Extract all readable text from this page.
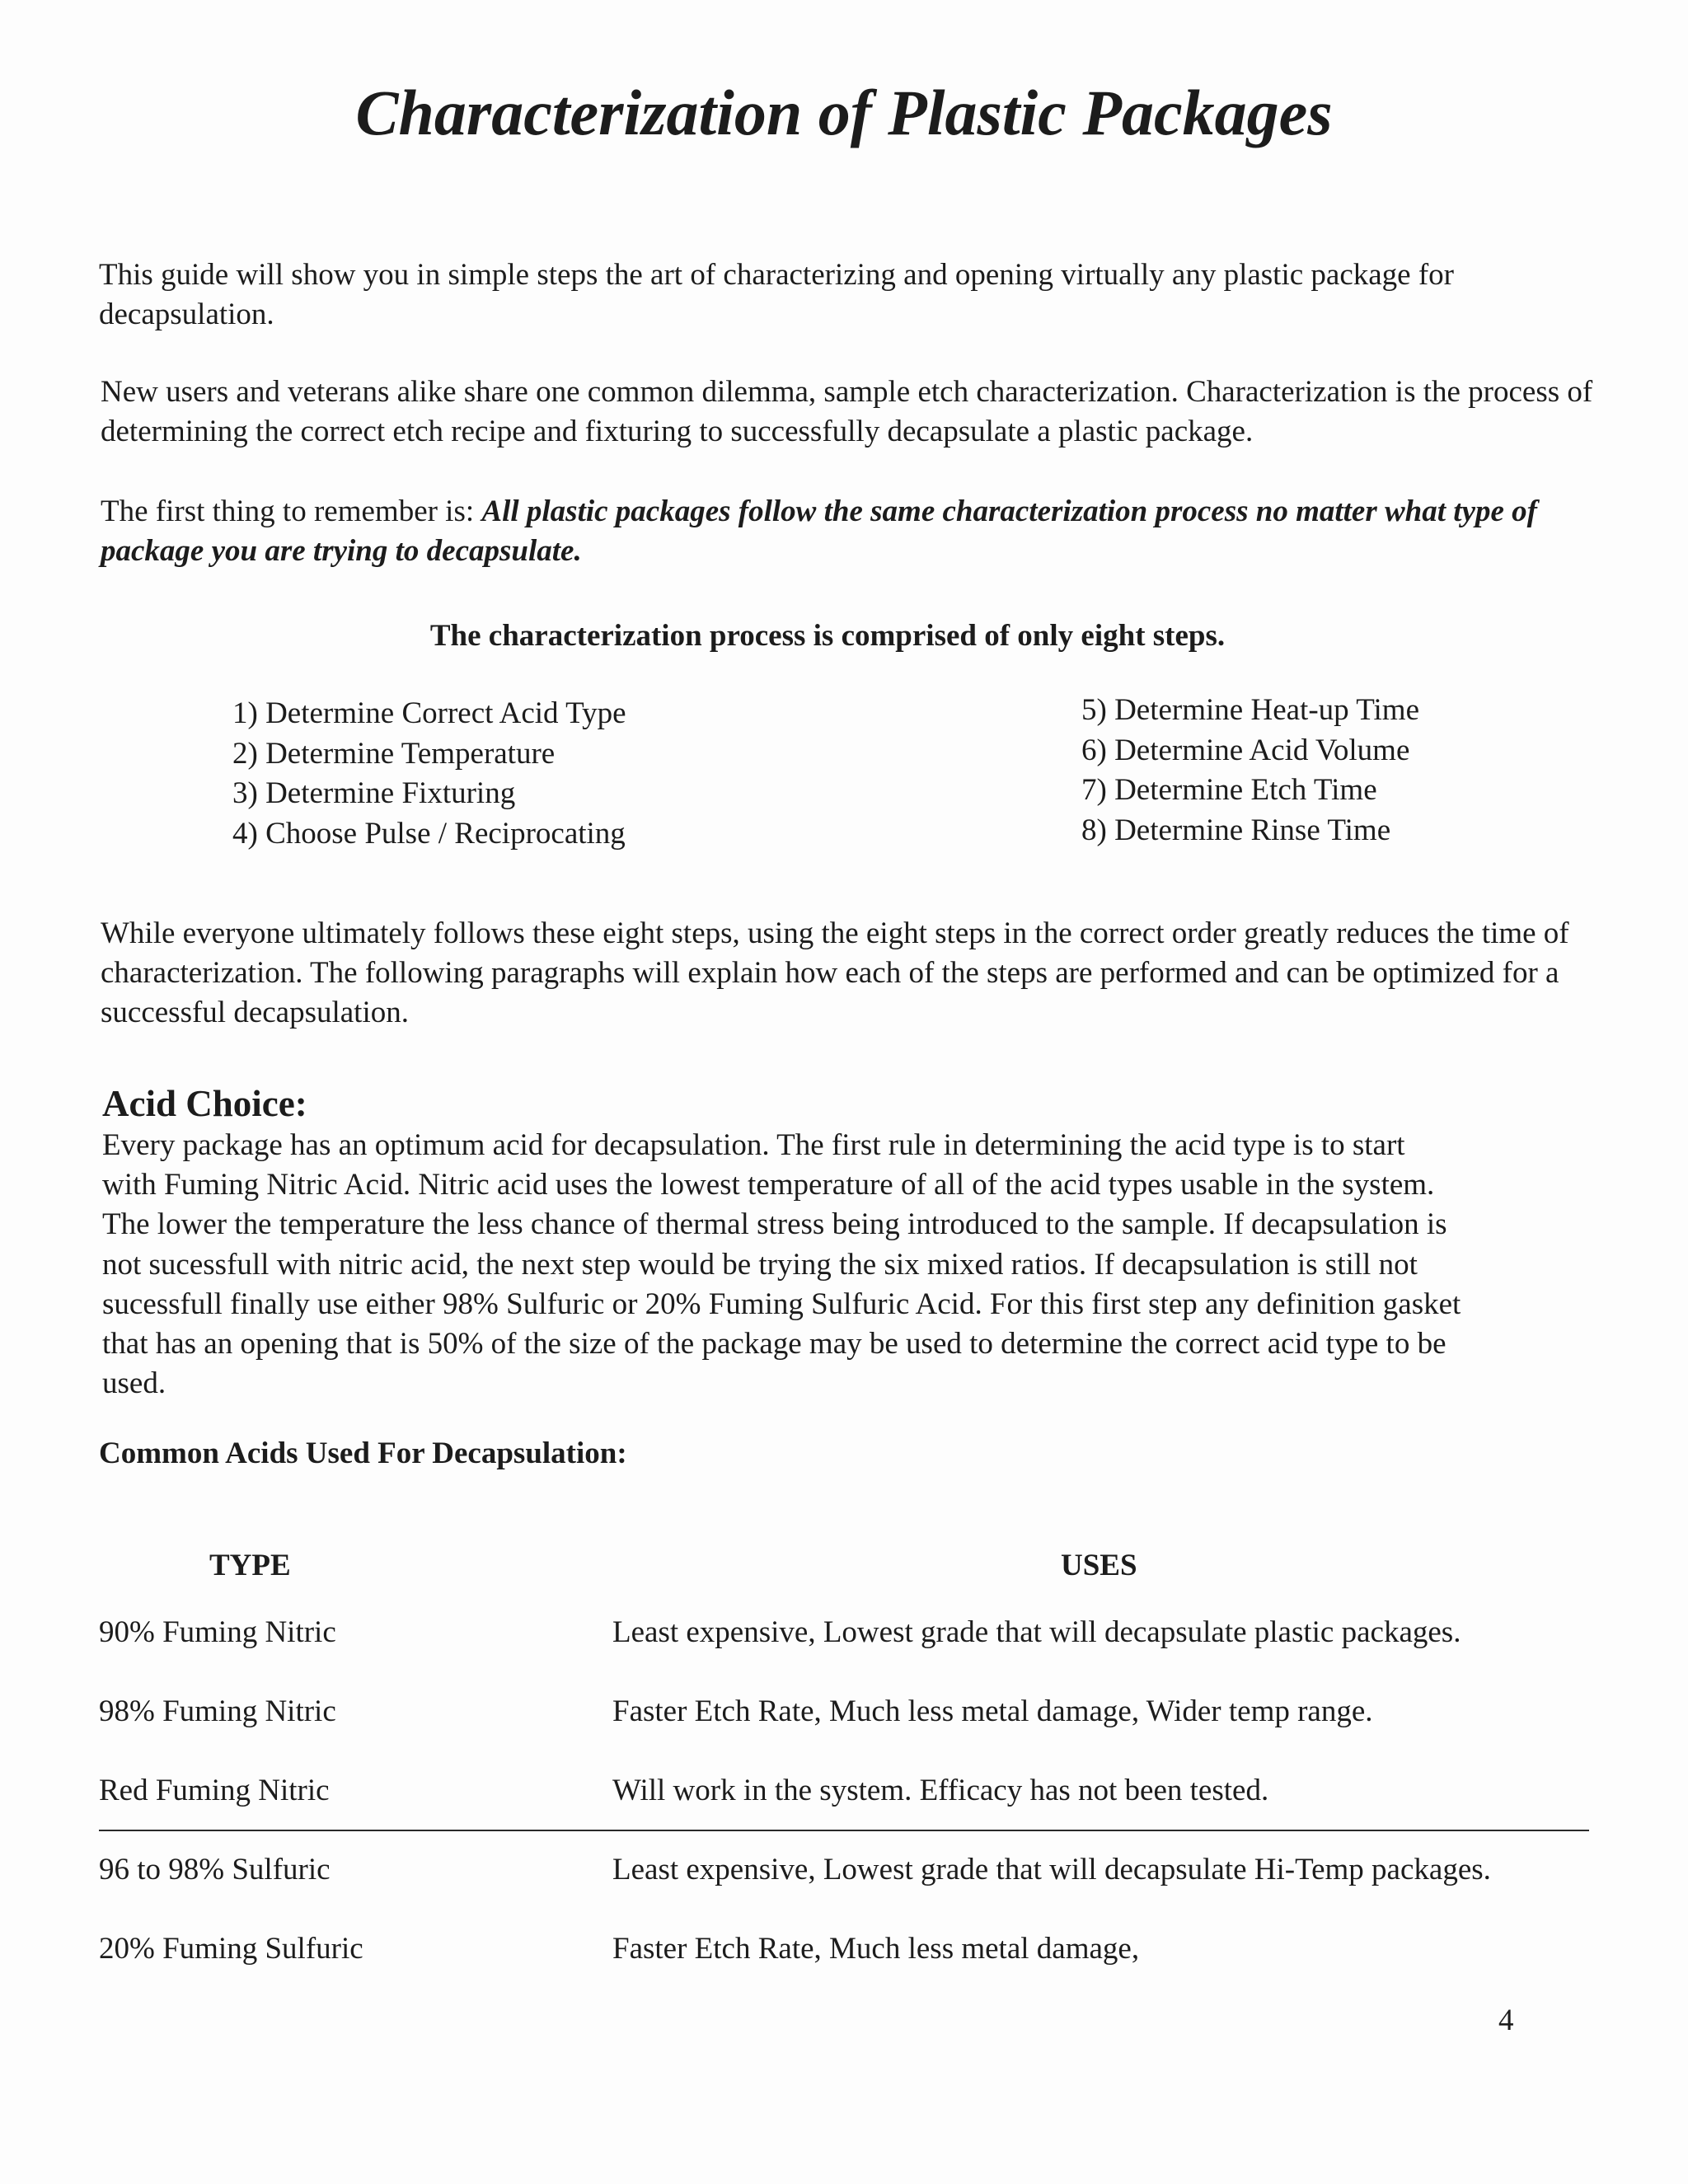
Characterization of Plastic Packages
This guide will show you in simple steps the art of characterizing and opening virtually any plastic package for decapsulation.
New users and veterans alike share one common dilemma, sample etch characterization. Characterization is the process of determining the correct etch recipe and fixturing to successfully decapsulate a plastic package.
The first thing to remember is: All plastic packages follow the same characterization process no matter what type of package you are trying to decapsulate.
The characterization process is comprised of only eight steps.
1) Determine Correct Acid Type
2) Determine Temperature
3) Determine Fixturing
4) Choose Pulse / Reciprocating
5) Determine Heat-up Time
6) Determine Acid Volume
7) Determine Etch Time
8) Determine Rinse Time
While everyone ultimately follows these eight steps, using the eight steps in the correct order greatly reduces the time of characterization. The following paragraphs will explain how each of the steps are performed and can be optimized for a successful decapsulation.
Acid Choice:
Every package has an optimum acid for decapsulation. The first rule in determining the acid type is to start
with Fuming Nitric Acid. Nitric acid uses the lowest temperature of all of the acid types usable in the system.
The lower the temperature the less chance of thermal stress being introduced to the sample. If decapsulation is
not sucessfull with nitric acid, the next step would be trying the six mixed ratios. If decapsulation is still not
sucessfull finally use either 98% Sulfuric or 20% Fuming Sulfuric Acid. For this first step any definition gasket
that has an opening that is 50% of the size of the package may be used to determine the correct acid type to be
used.
Common Acids Used For Decapsulation:
TYPE	USES
90% Fuming Nitric	Least expensive, Lowest grade that will decapsulate plastic packages.
98% Fuming Nitric	Faster Etch Rate, Much less metal damage, Wider temp range.
Red Fuming Nitric	Will work in the system. Efficacy has not been tested.
96 to 98% Sulfuric	Least expensive, Lowest grade that will decapsulate Hi-Temp packages.
20% Fuming Sulfuric	Faster Etch Rate, Much less metal damage,
4
